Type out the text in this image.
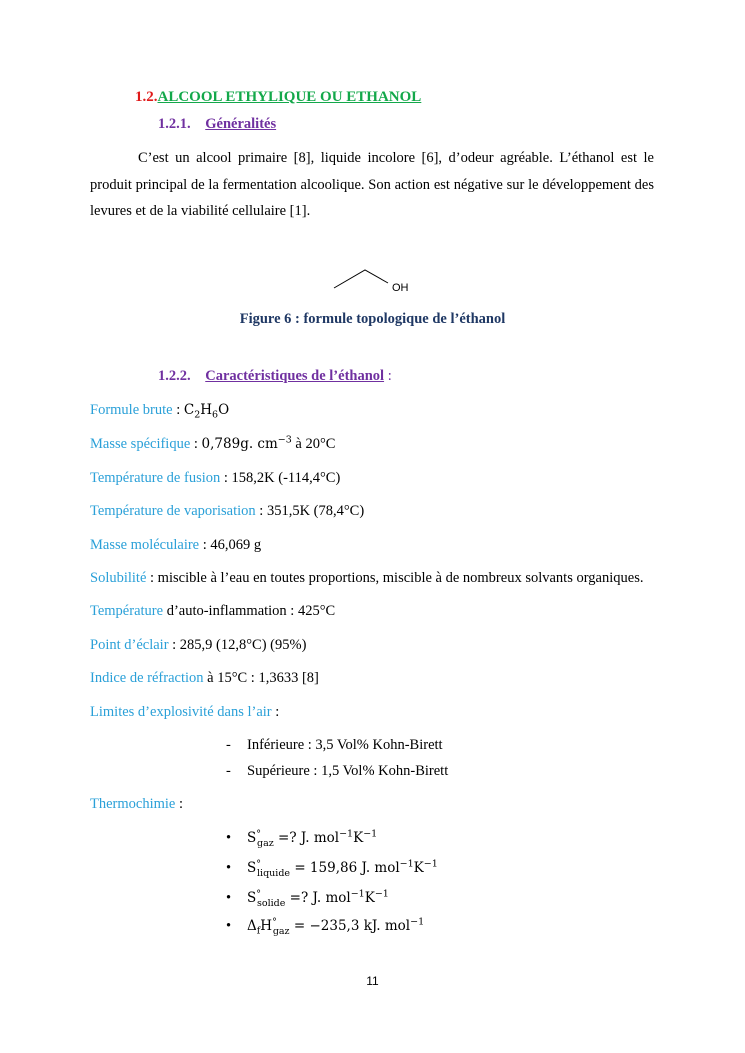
1.2.ALCOOL ETHYLIQUE OU ETHANOL
1.2.1. Généralités
C’est un alcool primaire [8], liquide incolore [6], d’odeur agréable. L’éthanol est le produit principal de la fermentation alcoolique. Son action est négative sur le développement des levures et de la viabilité cellulaire [1].
OH
Figure 6 : formule topologique de l’éthanol
1.2.2. Caractéristiques de l’éthanol :
Formule brute : $C_2H_6O$
Masse spécifique : 0,789g. $cm^{-3}$ à 20°C
Température de fusion : 158,2K (-114,4°C)
Température de vaporisation : 351,5K (78,4°C)
Masse moléculaire : 46,069 g
Solubilité : miscible à l’eau en toutes proportions, miscible à de nombreux solvants organiques.
Température d’auto-inflammation : 425°C
Point d’éclair : 285,9 (12,8°C) (95%)
Indice de réfraction à 15°C : 1,3633 [8]
Limites d’explosivité dans l’air :
- Inférieure : 3,5 Vol% Kohn-Birett
- Supérieure : 1,5 Vol% Kohn-Birett
Thermochimie :
• $S^\circ_{gaz}$ =? J. $mol^{-1}K^{-1}$
• $S^\circ_{liquide} = 159,86$ J. $mol^{-1}K^{-1}$
• $S^\circ_{solide}$ =? J. $mol^{-1}K^{-1}$
• $\Delta_fH^\circ_{gaz} = -235,3$ kJ. mol$^{-1}$
11
